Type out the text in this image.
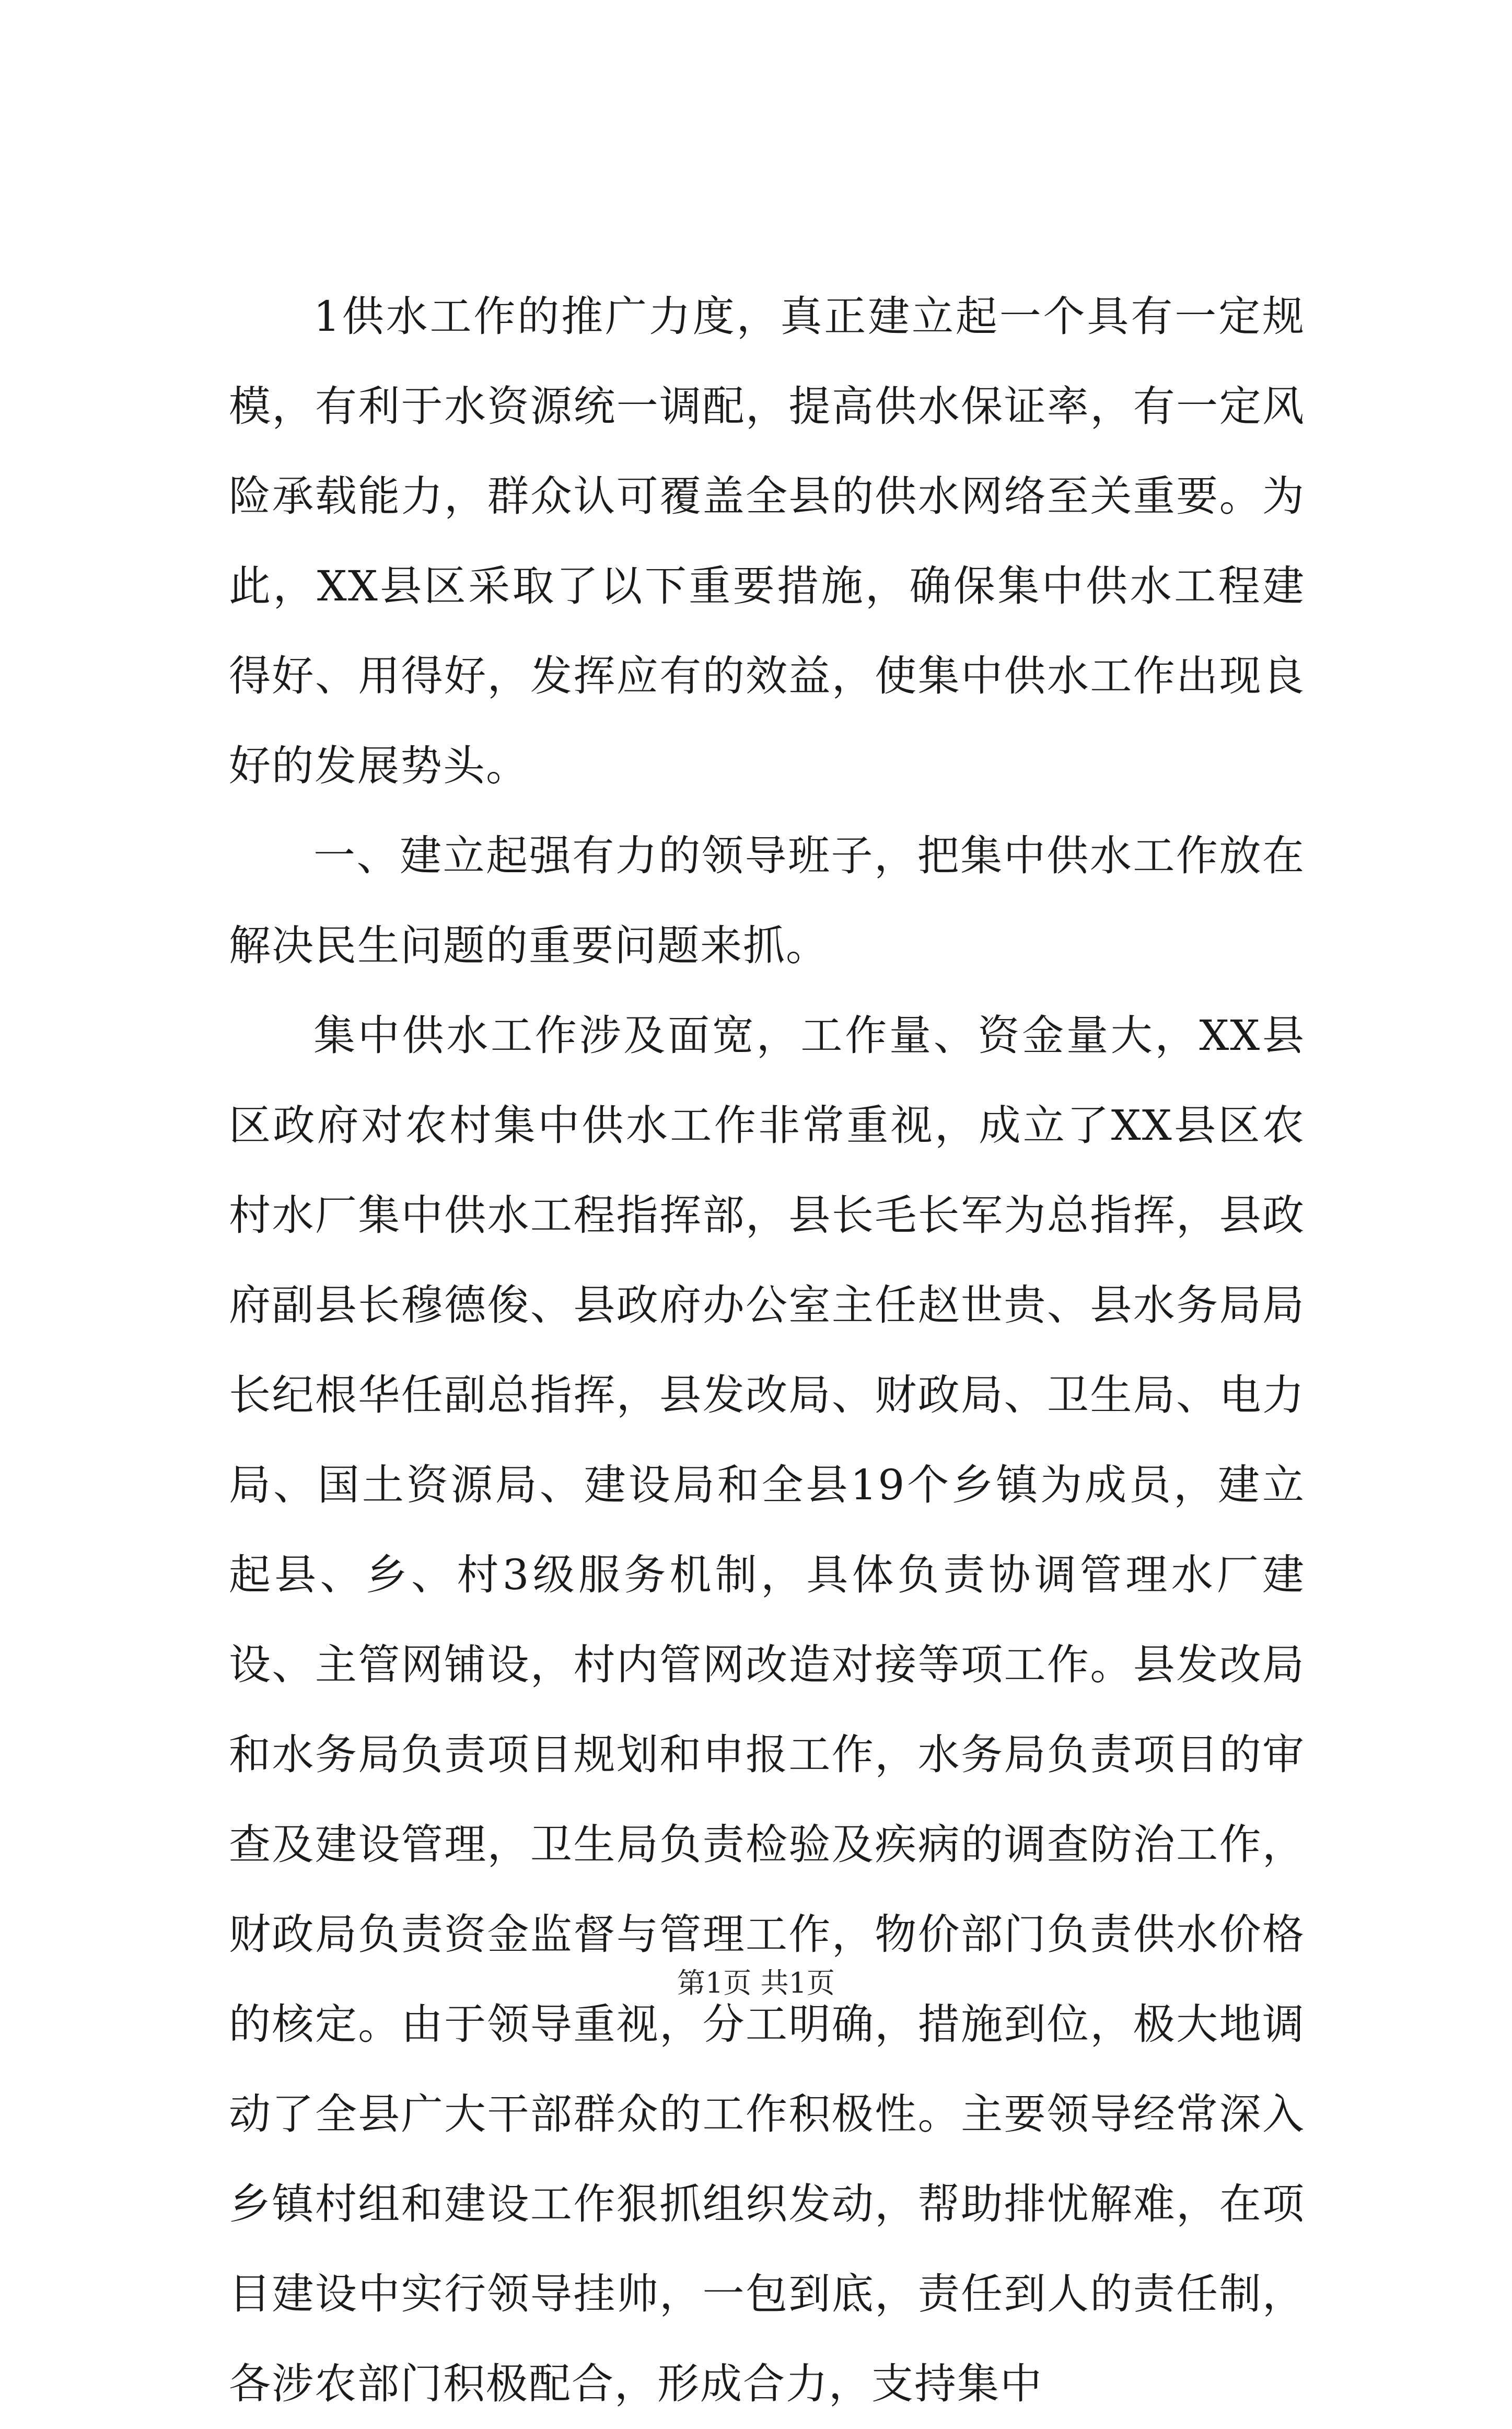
1供水工作的推广力度，真正建立起一个具有一定规模，有利于水资源统一调配，提高供水保证率，有一定风险承载能力，群众认可覆盖全县的供水网络至关重要。为此，XX县区采取了以下重要措施，确保集中供水工程建得好、用得好，发挥应有的效益，使集中供水工作出现良好的发展势头。

一、建立起强有力的领导班子，把集中供水工作放在解决民生问题的重要问题来抓。

集中供水工作涉及面宽，工作量、资金量大，XX县区政府对农村集中供水工作非常重视，成立了XX县区农村水厂集中供水工程指挥部，县长毛长军为总指挥，县政府副县长穆德俊、县政府办公室主任赵世贵、县水务局局长纪根华任副总指挥，县发改局、财政局、卫生局、电力局、国土资源局、建设局和全县19个乡镇为成员，建立起县、乡、村3级服务机制，具体负责协调管理水厂建设、主管网铺设，村内管网改造对接等项工作。县发改局和水务局负责项目规划和申报工作，水务局负责项目的审查及建设管理，卫生局负责检验及疾病的调查防治工作，财政局负责资金监督与管理工作，物价部门负责供水价格的核定。由于领导重视，分工明确，措施到位，极大地调动了全县广大干部群众的工作积极性。主要领导经常深入乡镇村组和建设工作狠抓组织发动，帮助排忧解难，在项目建设中实行领导挂帅，一包到底，责任到人的责任制，各涉农部门积极配合，形成合力，支持集中

第1页 共1页
